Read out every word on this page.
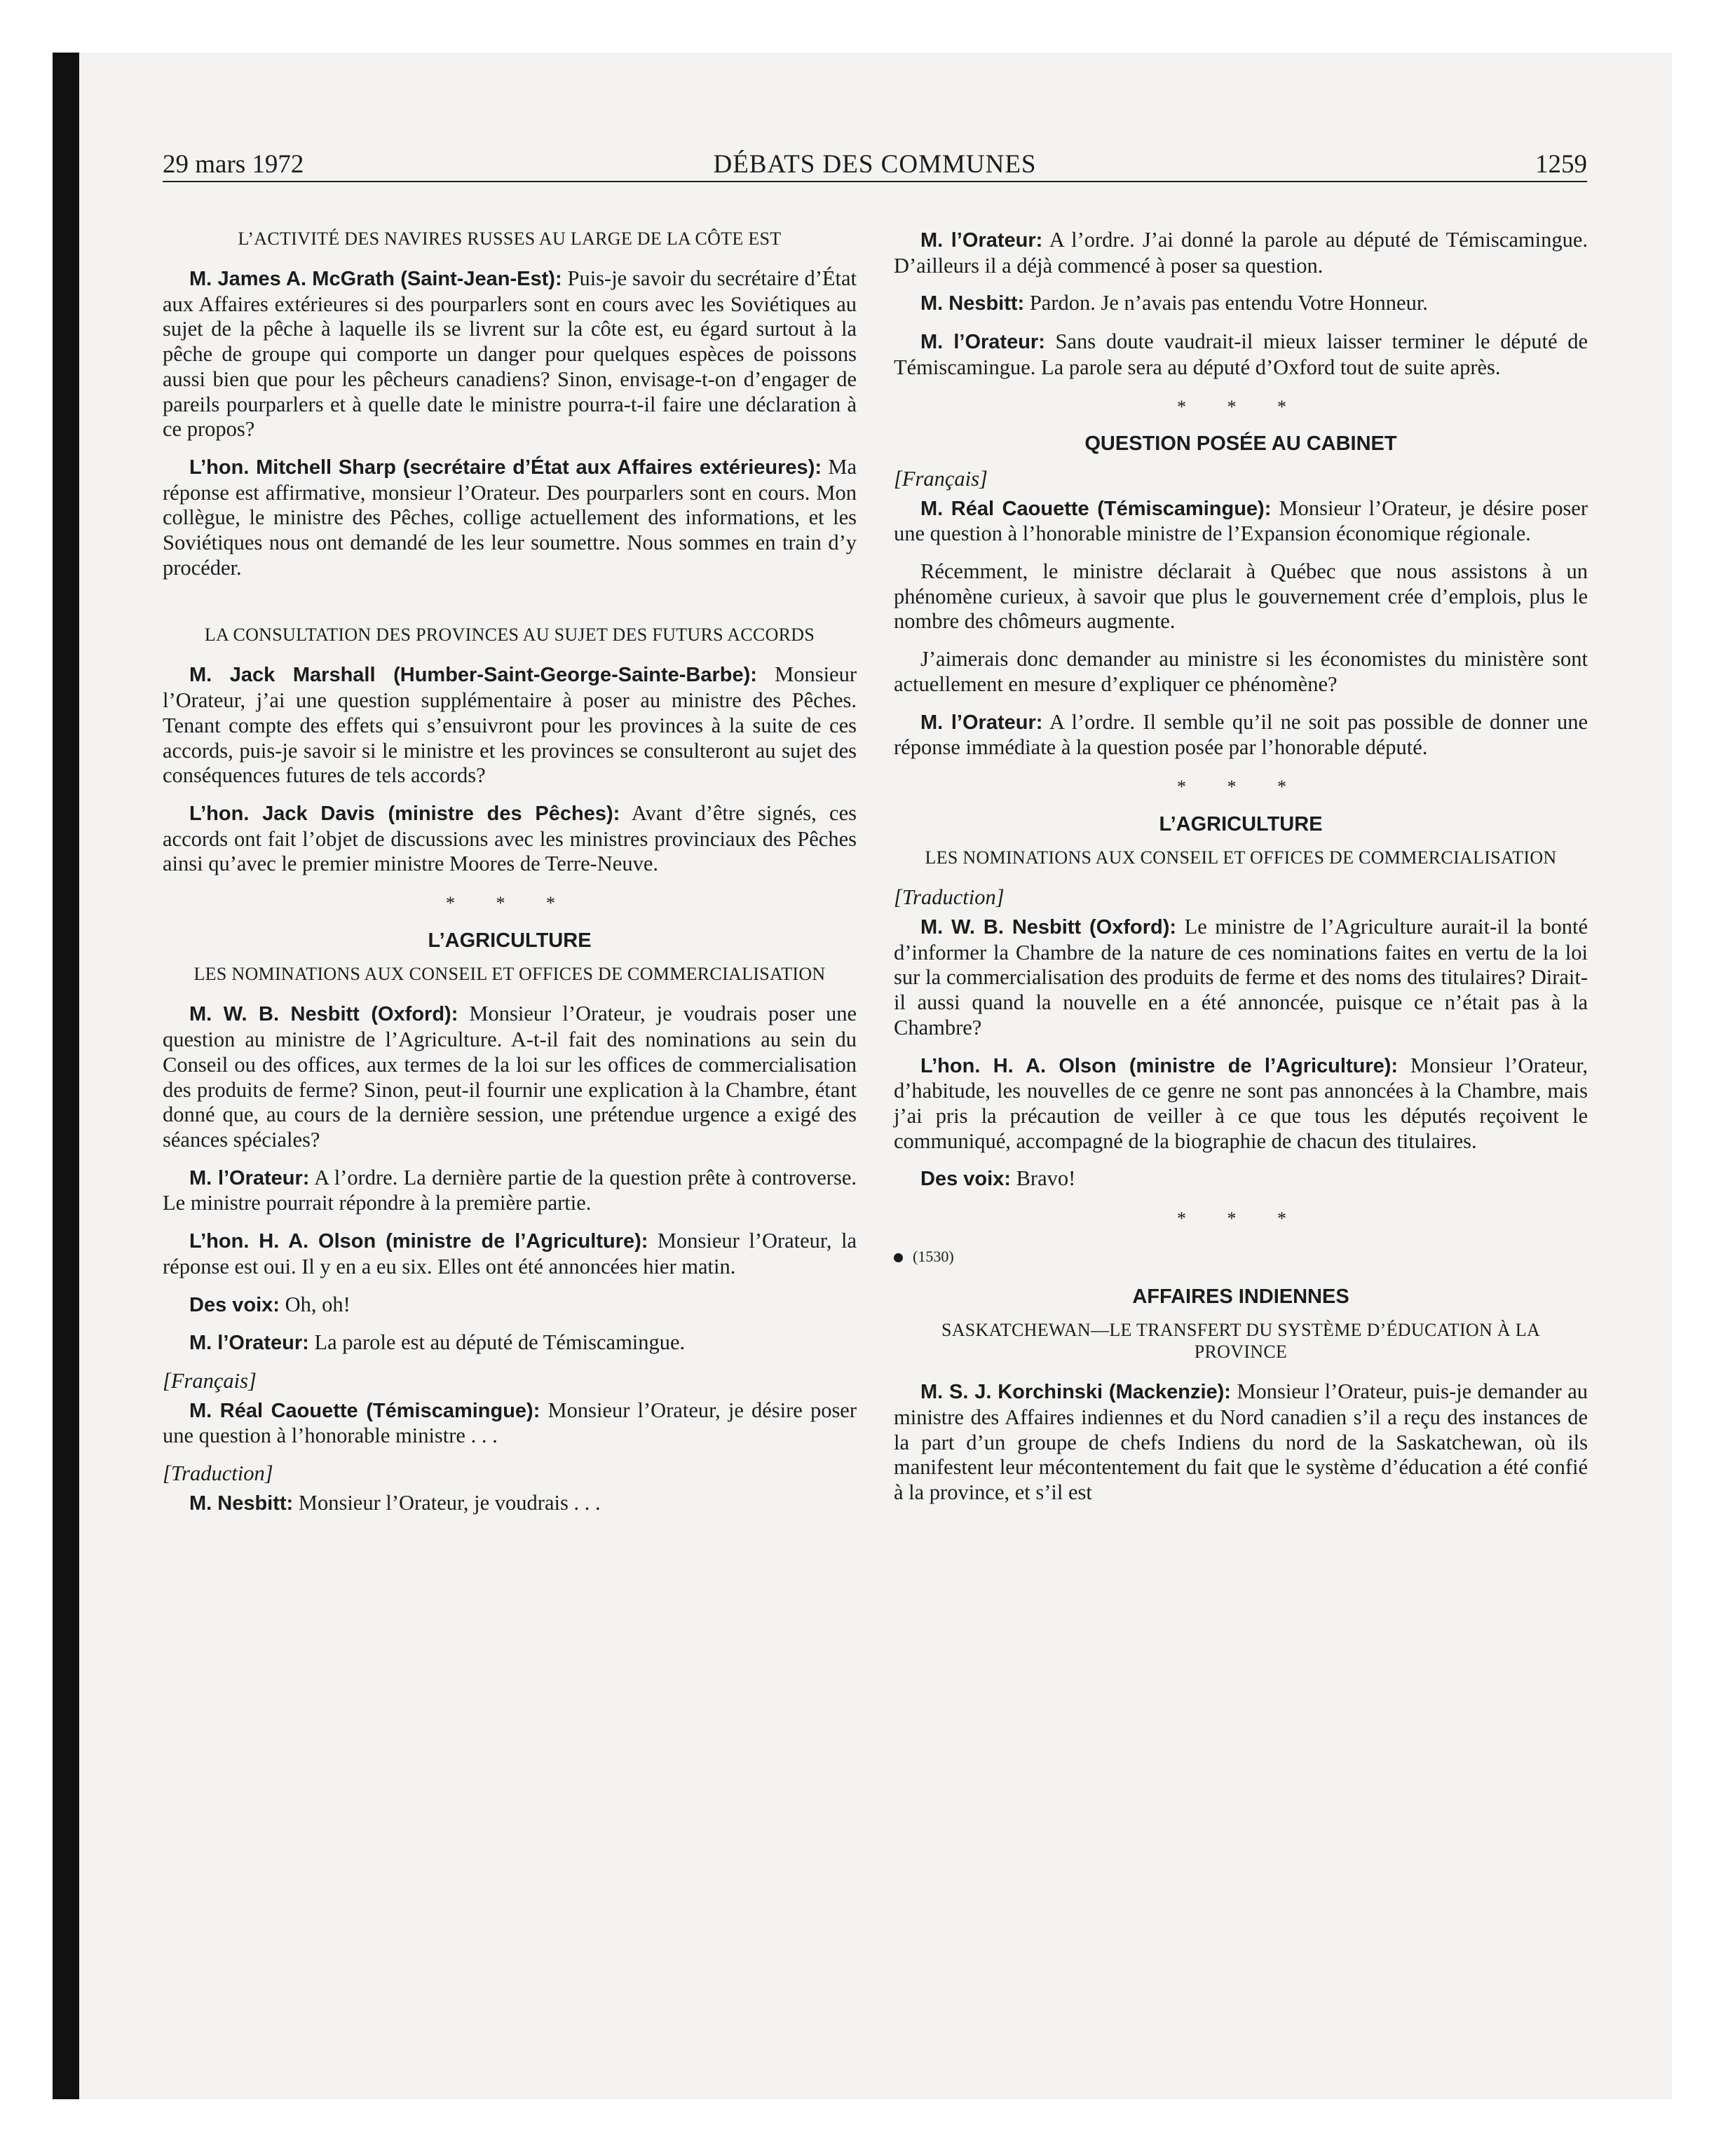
29 mars 1972	DÉBATS DES COMMUNES	1259
L’ACTIVITÉ DES NAVIRES RUSSES AU LARGE DE LA CÔTE EST

M. James A. McGrath (Saint-Jean-Est): Puis-je savoir du secrétaire d’État aux Affaires extérieures si des pourparlers sont en cours avec les Soviétiques au sujet de la pêche à laquelle ils se livrent sur la côte est, eu égard surtout à la pêche de groupe qui comporte un danger pour quelques espèces de poissons aussi bien que pour les pêcheurs canadiens? Sinon, envisage-t-on d’engager de pareils pourparlers et à quelle date le ministre pourra-t-il faire une déclaration à ce propos?

L’hon. Mitchell Sharp (secrétaire d’État aux Affaires extérieures): Ma réponse est affirmative, monsieur l’Orateur. Des pourparlers sont en cours. Mon collègue, le ministre des Pêches, collige actuellement des informations, et les Soviétiques nous ont demandé de les leur soumettre. Nous sommes en train d’y procéder.

LA CONSULTATION DES PROVINCES AU SUJET DES FUTURS ACCORDS

M. Jack Marshall (Humber-Saint-George-Sainte-Barbe): Monsieur l’Orateur, j’ai une question supplémentaire à poser au ministre des Pêches. Tenant compte des effets qui s’ensuivront pour les provinces à la suite de ces accords, puis-je savoir si le ministre et les provinces se consulteront au sujet des conséquences futures de tels accords?

L’hon. Jack Davis (ministre des Pêches): Avant d’être signés, ces accords ont fait l’objet de discussions avec les ministres provinciaux des Pêches ainsi qu’avec le premier ministre Moores de Terre-Neuve.

* * *
L’AGRICULTURE
LES NOMINATIONS AUX CONSEIL ET OFFICES DE COMMERCIALISATION

M. W. B. Nesbitt (Oxford): Monsieur l’Orateur, je voudrais poser une question au ministre de l’Agriculture. A-t-il fait des nominations au sein du Conseil ou des offices, aux termes de la loi sur les offices de commercialisation des produits de ferme? Sinon, peut-il fournir une explication à la Chambre, étant donné que, au cours de la dernière session, une prétendue urgence a exigé des séances spéciales?

M. l’Orateur: A l’ordre. La dernière partie de la question prête à controverse. Le ministre pourrait répondre à la première partie.

L’hon. H. A. Olson (ministre de l’Agriculture): Monsieur l’Orateur, la réponse est oui. Il y en a eu six. Elles ont été annoncées hier matin.

Des voix: Oh, oh!

M. l’Orateur: La parole est au député de Témiscamingue.

[Français]

M. Réal Caouette (Témiscamingue): Monsieur l’Orateur, je désire poser une question à l’honorable ministre . . .

[Traduction]

M. Nesbitt: Monsieur l’Orateur, je voudrais . . .

M. l’Orateur: A l’ordre. J’ai donné la parole au député de Témiscamingue. D’ailleurs il a déjà commencé à poser sa question.

M. Nesbitt: Pardon. Je n’avais pas entendu Votre Honneur.

M. l’Orateur: Sans doute vaudrait-il mieux laisser terminer le député de Témiscamingue. La parole sera au député d’Oxford tout de suite après.

* * *
QUESTION POSÉE AU CABINET
[Français]

M. Réal Caouette (Témiscamingue): Monsieur l’Orateur, je désire poser une question à l’honorable ministre de l’Expansion économique régionale.

Récemment, le ministre déclarait à Québec que nous assistons à un phénomène curieux, à savoir que plus le gouvernement crée d’emplois, plus le nombre des chômeurs augmente.

J’aimerais donc demander au ministre si les économistes du ministère sont actuellement en mesure d’expliquer ce phénomène?

M. l’Orateur: A l’ordre. Il semble qu’il ne soit pas possible de donner une réponse immédiate à la question posée par l’honorable député.

* * *
L’AGRICULTURE
LES NOMINATIONS AUX CONSEIL ET OFFICES DE COMMERCIALISATION
[Traduction]

M. W. B. Nesbitt (Oxford): Le ministre de l’Agriculture aurait-il la bonté d’informer la Chambre de la nature de ces nominations faites en vertu de la loi sur la commercialisation des produits de ferme et des noms des titulaires? Dirait-il aussi quand la nouvelle en a été annoncée, puisque ce n’était pas à la Chambre?

L’hon. H. A. Olson (ministre de l’Agriculture): Monsieur l’Orateur, d’habitude, les nouvelles de ce genre ne sont pas annoncées à la Chambre, mais j’ai pris la précaution de veiller à ce que tous les députés reçoivent le communiqué, accompagné de la biographie de chacun des titulaires.

Des voix: Bravo!

* * *
(1530)
AFFAIRES INDIENNES
SASKATCHEWAN—LE TRANSFERT DU SYSTÈME D’ÉDUCATION À LA PROVINCE

M. S. J. Korchinski (Mackenzie): Monsieur l’Orateur, puis-je demander au ministre des Affaires indiennes et du Nord canadien s’il a reçu des instances de la part d’un groupe de chefs Indiens du nord de la Saskatchewan, où ils manifestent leur mécontentement du fait que le système d’éducation a été confié à la province, et s’il est
